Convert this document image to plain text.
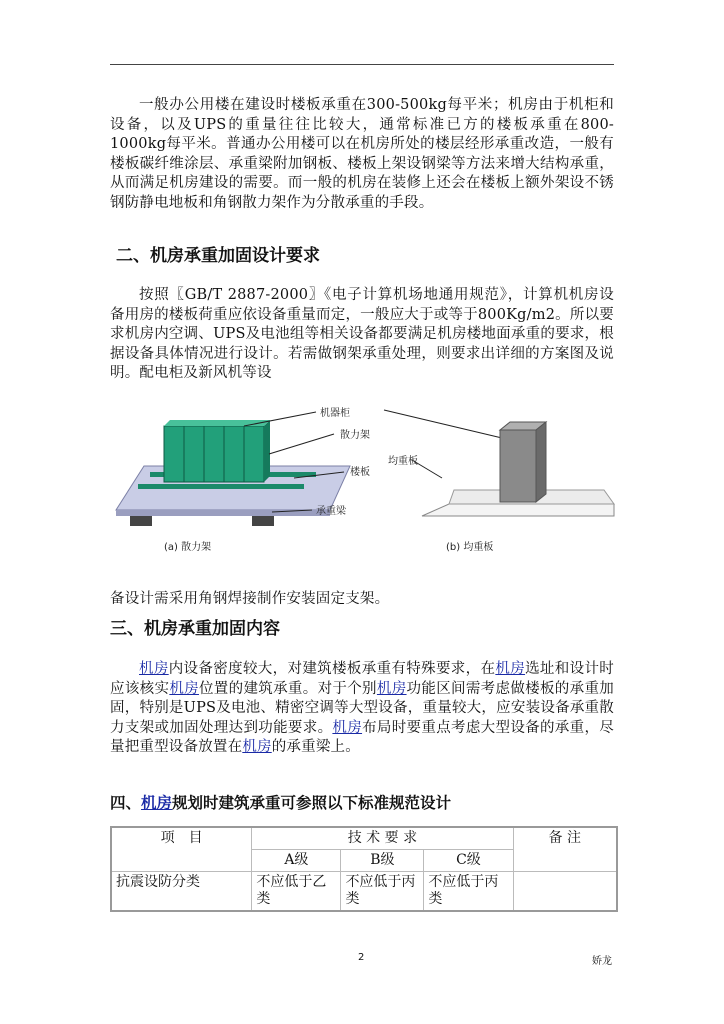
一般办公用楼在建设时楼板承重在300-500kg每平米；机房由于机柜和设备，以及UPS的重量往往比较大，通常标准已方的楼板承重在800-1000kg每平米。普通办公用楼可以在机房所处的楼层经形承重改造，一般有楼板碳纤维涂层、承重梁附加钢板、楼板上架设钢梁等方法来增大结构承重，从而满足机房建设的需要。而一般的机房在装修上还会在楼板上额外架设不锈钢防静电地板和角钢散力架作为分散承重的手段。

二、机房承重加固设计要求

按照〖GB/T 2887-2000〗《电子计算机场地通用规范》，计算机机房设备用房的楼板荷重应依设备重量而定，一般应大于或等于800Kg/m2。所以要求机房内空调、UPS及电池组等相关设备都要满足机房楼地面承重的要求，根据设备具体情况进行设计。若需做钢架承重处理，则要求出详细的方案图及说明。配电柜及新风机等设

机器柜
散力架
楼板
承重梁
均重板
(a) 散力架	(b) 均重板

备设计需采用角钢焊接制作安装固定支架。

三、机房承重加固内容

机房内设备密度较大，对建筑楼板承重有特殊要求，在机房选址和设计时应该核实机房位置的建筑承重。对于个别机房功能区间需考虑做楼板的承重加固，特别是UPS及电池、精密空调等大型设备，重量较大，应安装设备承重散力支架或加固处理达到功能要求。机房布局时要重点考虑大型设备的承重，尽量把重型设备放置在机房的承重梁上。

四、机房规划时建筑承重可参照以下标准规范设计
项　目	技 术 要 求			备 注
	A级	B级	C级	
抗震设防分类	不应低于乙类	不应低于丙类	不应低于丙类	
2	娇龙
